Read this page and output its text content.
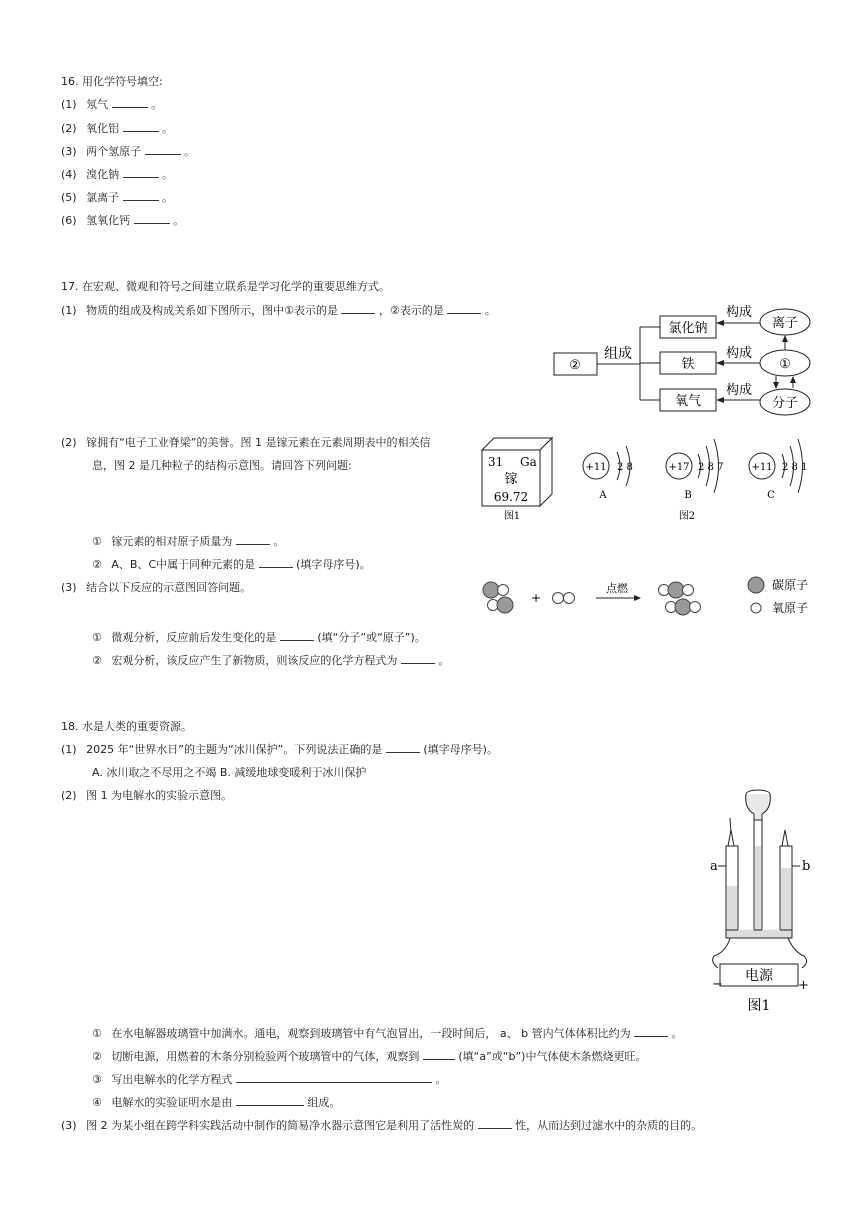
16. 用化学符号填空:
(1) 氖气	。
(2) 氧化铝	。
(3) 两个氢原子	。
(4) 溴化钠	。
(5) 氯离子	。
(6) 氢氧化钙	。
17. 在宏观、微观和符号之间建立联系是学习化学的重要思维方式。
(1) 物质的组成及构成关系如下图所示，图中①表示的是	，②表示的是	。
②
组成
氯化钠
铁
氧气
构成
构成
构成
离子
①
分子
(2) 镓拥有“电子工业脊梁”的美誉。图 1 是镓元素在元素周期表中的相关信
息，图 2 是几种粒子的结构示意图。请回答下列问题:	31 Ga
镓
69.72
图1
+11 2 8
A
+17 2 8 7
B
+11 2 8 1
C
图2
① 镓元素的相对原子质量为	。
② A、B、C中属于同种元素的是	(填字母序号)。
(3) 结合以下反应的示意图回答问题。
+
点燃	碳原子
氧原子
① 微观分析，反应前后发生变化的是	(填“分子”或“原子”)。
② 宏观分析，该反应产生了新物质，则该反应的化学方程式为	。
18. 水是人类的重要资源。
(1) 2025 年“世界水日”的主题为“冰川保护”。下列说法正确的是	(填字母序号)。
A. 冰川取之不尽用之不竭 B. 减缓地球变暖利于冰川保护
(2) 图 1 为电解水的实验示意图。
a	b
电源
−	+
图1
① 在水电解器玻璃管中加满水。通电，观察到玻璃管中有气泡冒出，一段时间后， a、 b 管内气体体积比约为	。
② 切断电源，用燃着的木条分别检验两个玻璃管中的气体，观察到	(填“a”或“b”)中气体使木条燃烧更旺。
③ 写出电解水的化学方程式	。
④ 电解水的实验证明水是由	组成。
(3) 图 2 为某小组在跨学科实践活动中制作的简易净水器示意图它是利用了活性炭的	性，从而达到过滤水中的杂质的目的。
